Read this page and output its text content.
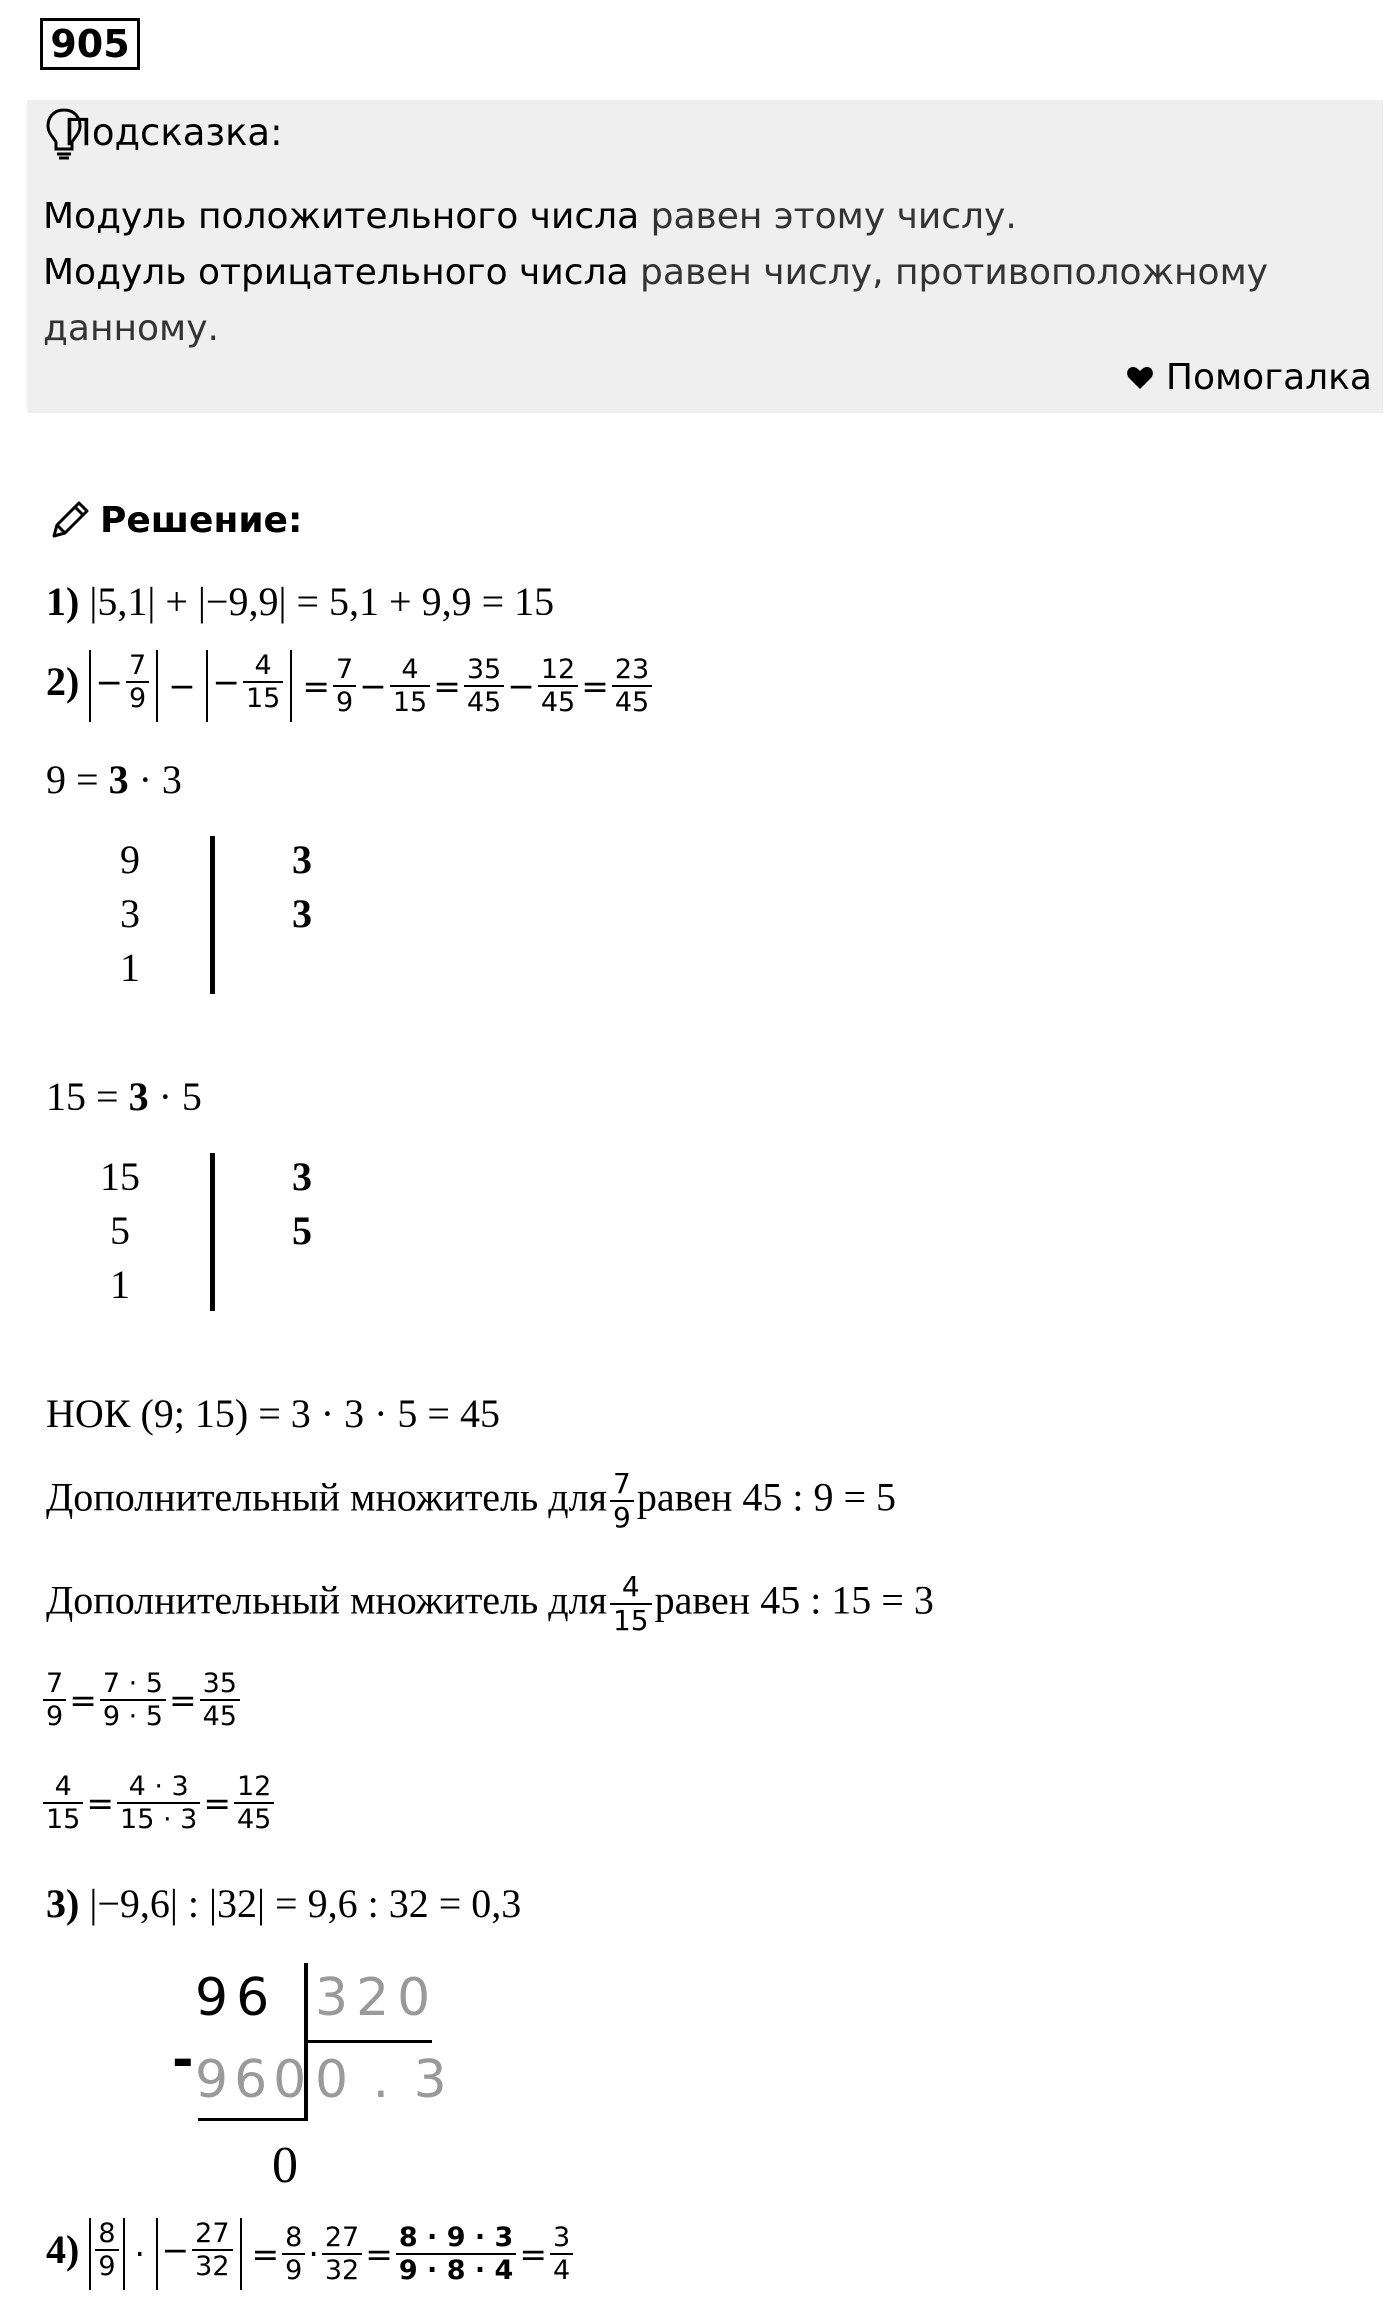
905
Подсказка:
Модуль положительного числа равен этому числу.
Модуль отрицательного числа равен числу, противоположному
данному.
Помогалка
Решение:
1) |5,1| + |−9,9| = 5,1 + 9,9 = 15
$2) - \frac{7}{9}$ − − $\frac{4}{15} = \frac{7}{9} - \frac{4}{15} = \frac{35}{45} - \frac{12}{45} = \frac{23}{45}$
9 = 3 · 3
9
3
1
3
3
15 = 3 · 5
15
5
1
3
5
НОК (9; 15) = 3 · 3 · 5 = 45
Дополнительный множитель для $\frac{7}{9}$ равен 45 : 9 = 5
Дополнительный множитель для $\frac{4}{15}$ равен 45 : 15 = 3
$\frac{7}{9} = \frac{7 \cdot 5}{9 \cdot 5} = \frac{35}{45}$
$\frac{4}{15} = \frac{4 \cdot 3}{15 \cdot 3} = \frac{12}{45}$
3) |−9,6| : |32| = 9,6 : 32 = 0,3
96 320
- 960 0 . 3
0
$4) \frac{8}{9}$ · − $\frac{27}{32} = \frac{8}{9} \cdot \frac{27}{32} = \frac{8 \cdot 9 \cdot 3}{9 \cdot 8 \cdot 4} = \frac{3}{4}$
